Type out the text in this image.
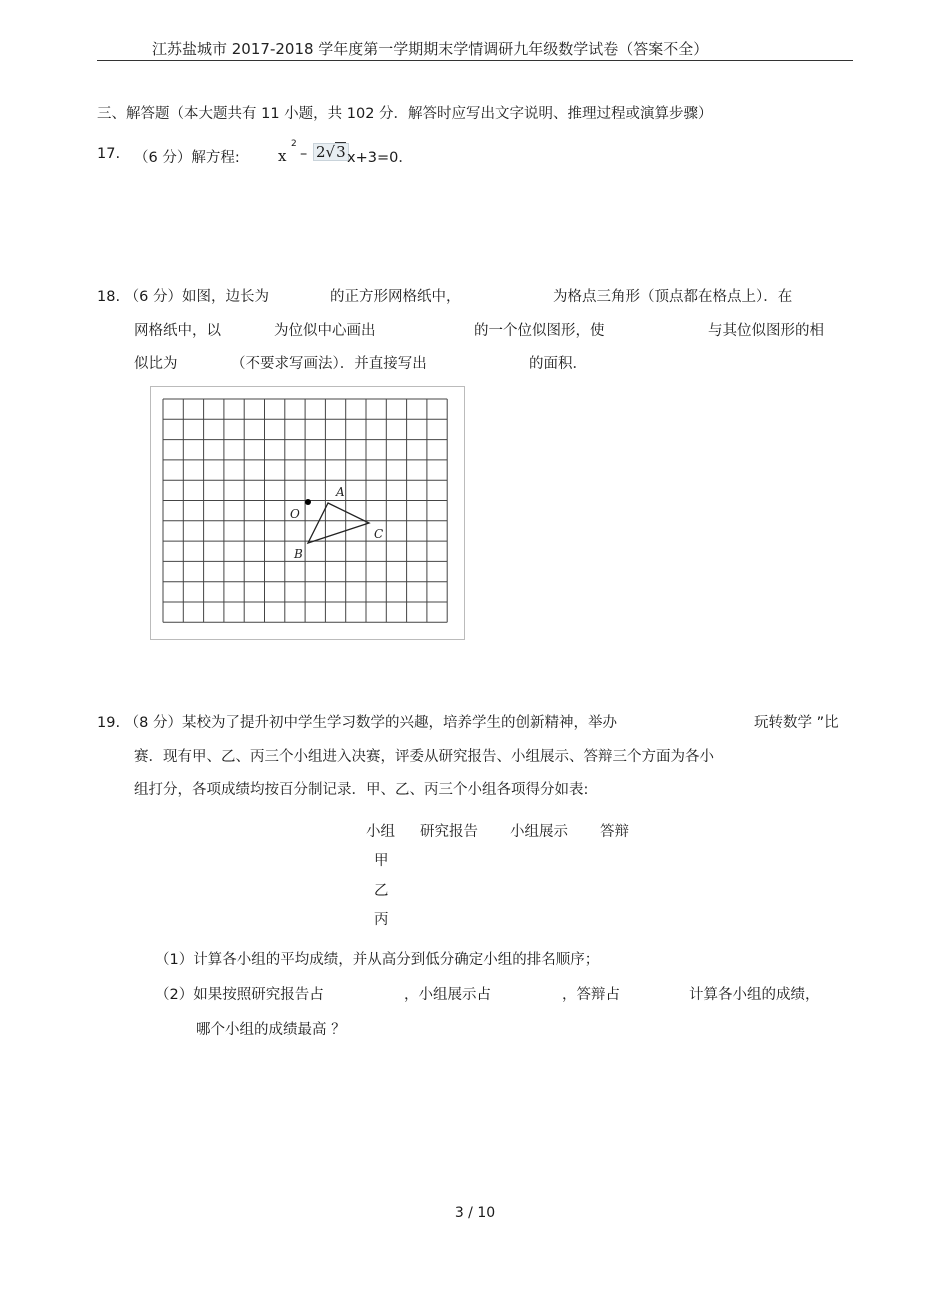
江苏盐城市 2017-2018 学年度第一学期期末学情调研九年级数学试卷（答案不全）
三、解答题（本大题共有 11 小题，共 102 分．解答时应写出文字说明、推理过程或演算步骤）
17. （6 分）解方程:	x
2
– 2√3 x+3=0．
18. （6 分）如图，边长为	的正方形网格纸中，	为格点三角形（顶点都在格点上）．在
网格纸中，以	为位似中心画出	的一个位似图形，使	与其位似图形的相
似比为	（不要求写画法）．并直接写出	的面积．
O
A
B
C
19. （8 分）某校为了提升初中学生学习数学的兴趣，培养学生的创新精神，举办	玩转数学 ”比
赛．现有甲、乙、丙三个小组进入决赛，评委从研究报告、小组展示、答辩三个方面为各小
组打分，各项成绩均按百分制记录．甲、乙、丙三个小组各项得分如表:
小组 研究报告 小组展示 答辩
甲
乙
丙
（1）计算各小组的平均成绩，并从高分到低分确定小组的排名顺序；
（2）如果按照研究报告占	，小组展示占	，答辩占	计算各小组的成绩，
哪个小组的成绩最高 ？
3 / 10
